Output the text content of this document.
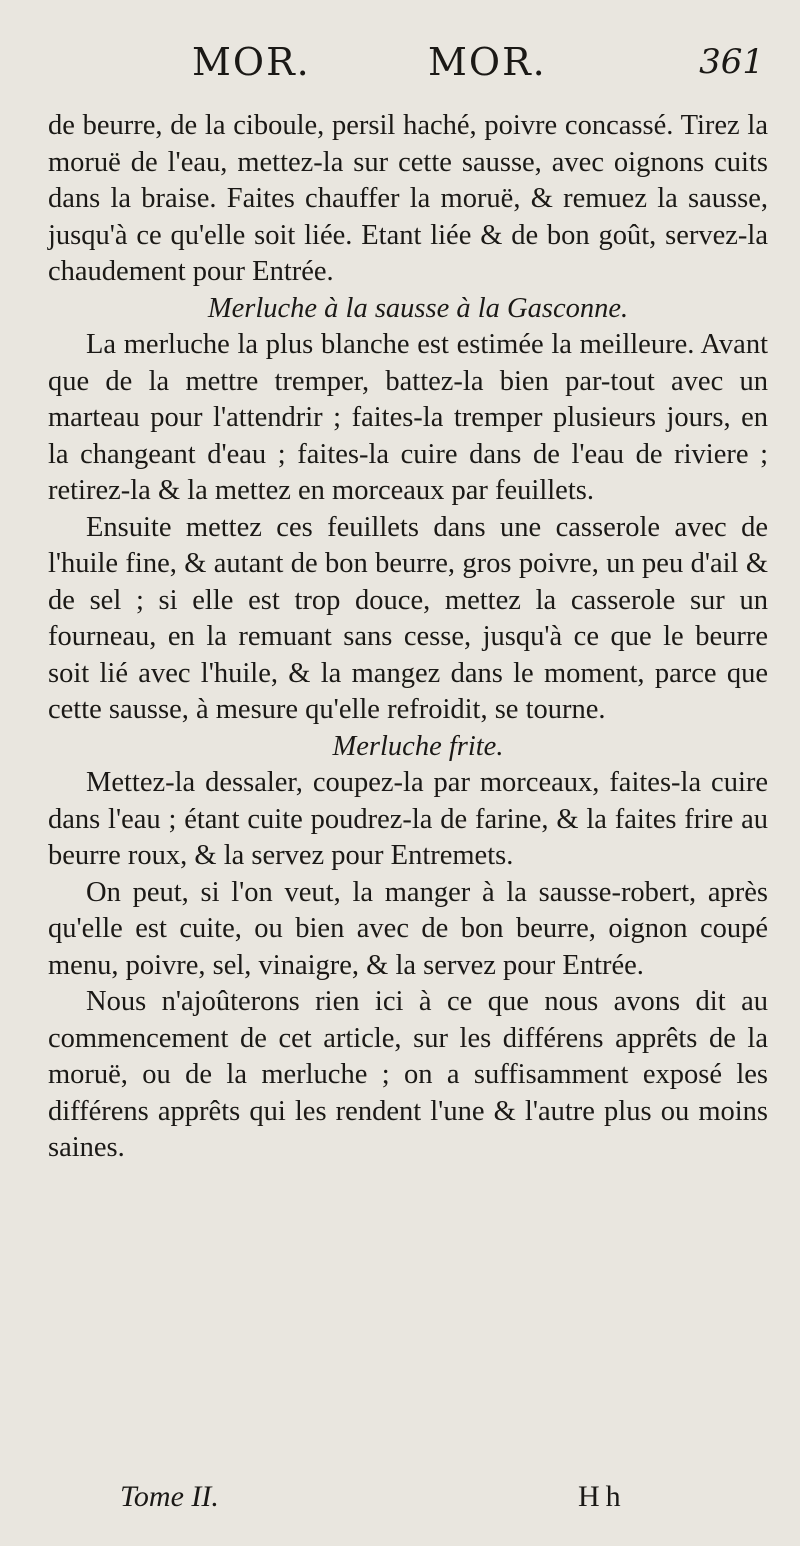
MOR.	MOR.	361

de beurre, de la ciboule, persil haché, poivre concassé. Tirez la moruë de l'eau, mettez-la sur cette sausse, avec oignons cuits dans la braise. Faites chauffer la moruë, & remuez la sausse, jusqu'à ce qu'elle soit liée. Etant liée & de bon goût, servez-la chaudement pour Entrée.

Merluche à la sausse à la Gasconne.

La merluche la plus blanche est estimée la meilleure. Avant que de la mettre tremper, battez-la bien par-tout avec un marteau pour l'attendrir ; faites-la tremper plusieurs jours, en la changeant d'eau ; faites-la cuire dans de l'eau de riviere ; retirez-la & la mettez en morceaux par feuillets.

Ensuite mettez ces feuillets dans une casserole avec de l'huile fine, & autant de bon beurre, gros poivre, un peu d'ail & de sel ; si elle est trop douce, mettez la casserole sur un fourneau, en la remuant sans cesse, jusqu'à ce que le beurre soit lié avec l'huile, & la mangez dans le moment, parce que cette sausse, à mesure qu'elle refroidit, se tourne.

Merluche frite.

Mettez-la dessaler, coupez-la par morceaux, faites-la cuire dans l'eau ; étant cuite poudrez-la de farine, & la faites frire au beurre roux, & la servez pour Entremets.

On peut, si l'on veut, la manger à la sausse-robert, après qu'elle est cuite, ou bien avec de bon beurre, oignon coupé menu, poivre, sel, vinaigre, & la servez pour Entrée.

Nous n'ajoûterons rien ici à ce que nous avons dit au commencement de cet article, sur les différens apprêts de la moruë, ou de la merluche ; on a suffisamment exposé les différens apprêts qui les rendent l'une & l'autre plus ou moins saines.

Tome II.	Hh
